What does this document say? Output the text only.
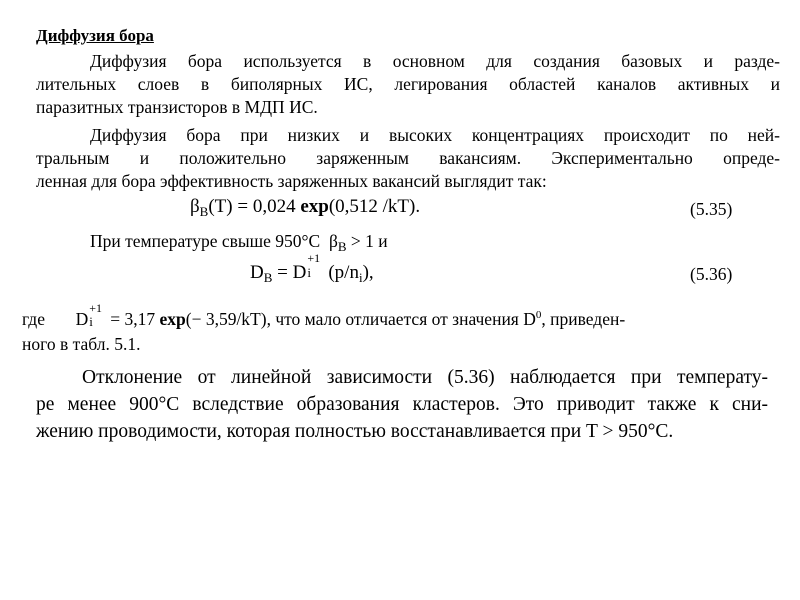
Диффузия бора
Диффузия бора используется в основном для создания базовых и разде-
лительных слоев в биполярных ИС, легирования областей каналов активных и
паразитных транзисторов в МДП ИС.
Диффузия бора при низких и высоких концентрациях происходит по ней-
тральным и положительно заряженным вакансиям. Экспериментально опреде-
ленная для бора эффективность заряженных вакансий выглядит так:
$\beta_B(T) = 0,024$ exp(0,512 /kT).	(5.35)
При температуре свыше 950°C $\beta_B > 1$ и
$D_B = D$
+1
i $(p/n_i)$,	(5.36)
где D
+1
i = 3,17 exp(− 3,59/kT), что мало отличается от значения $D^0$, приведен-
ного в табл. 5.1.
Отклонение от линейной зависимости (5.36) наблюдается при температу-
ре менее 900°C вследствие образования кластеров. Это приводит также к сни-
жению проводимости, которая полностью восстанавливается при T > 950°C.
